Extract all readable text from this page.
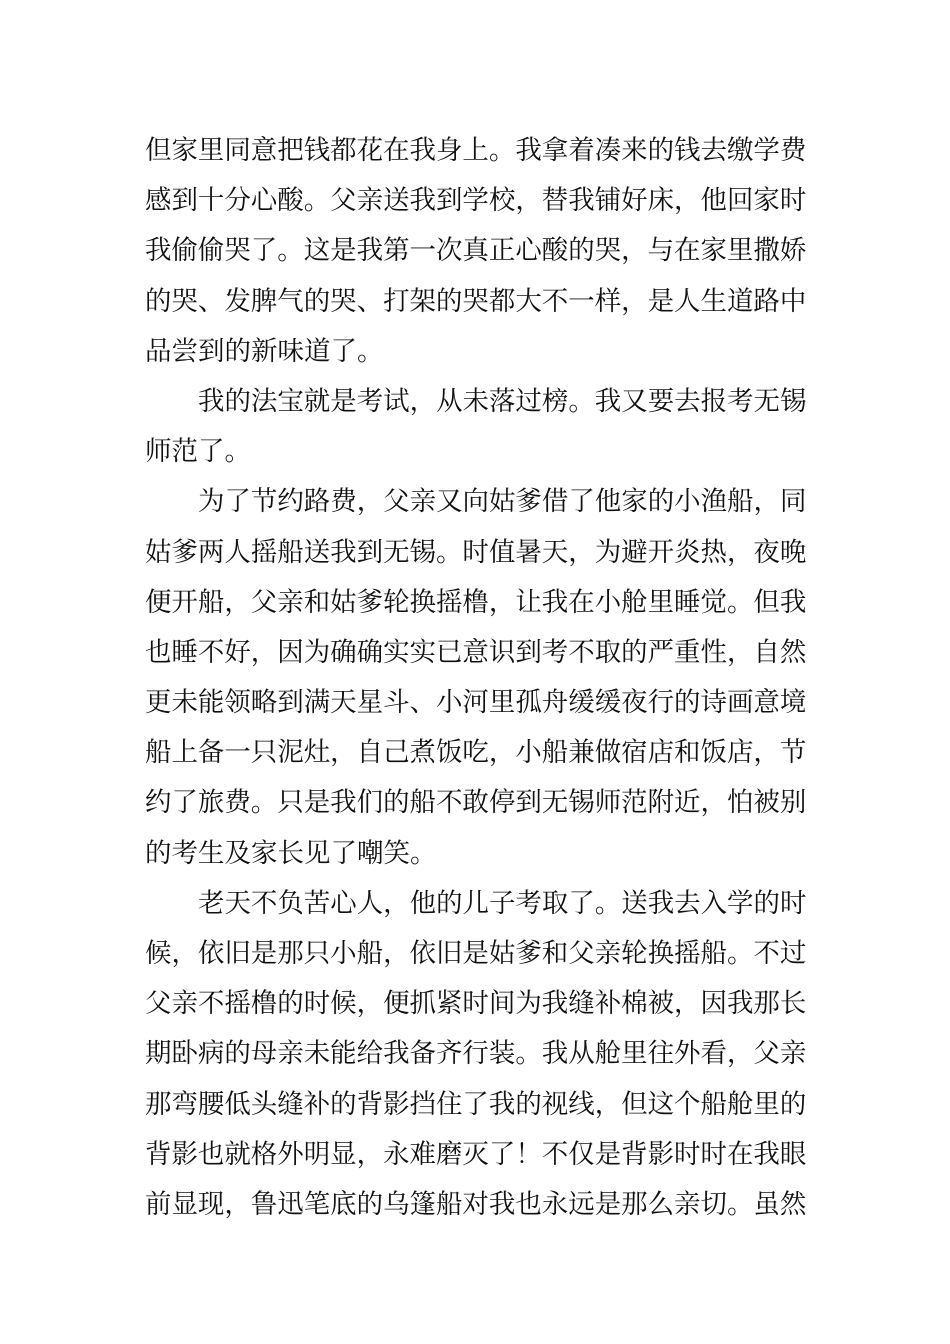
但家里同意把钱都花在我身上。我拿着凑来的钱去缴学费
感到十分心酸。父亲送我到学校，替我铺好床，他回家时
我偷偷哭了。这是我第一次真正心酸的哭，与在家里撒娇
的哭、发脾气的哭、打架的哭都大不一样，是人生道路中
品尝到的新味道了。
我的法宝就是考试，从未落过榜。我又要去报考无锡
师范了。
为了节约路费，父亲又向姑爹借了他家的小渔船，同
姑爹两人摇船送我到无锡。时值暑天，为避开炎热，夜晚
便开船，父亲和姑爹轮换摇橹，让我在小舱里睡觉。但我
也睡不好，因为确确实实已意识到考不取的严重性，自然
更未能领略到满天星斗、小河里孤舟缓缓夜行的诗画意境
船上备一只泥灶，自己煮饭吃，小船兼做宿店和饭店，节
约了旅费。只是我们的船不敢停到无锡师范附近，怕被别
的考生及家长见了嘲笑。
老天不负苦心人，他的儿子考取了。送我去入学的时
候，依旧是那只小船，依旧是姑爹和父亲轮换摇船。不过
父亲不摇橹的时候，便抓紧时间为我缝补棉被，因我那长
期卧病的母亲未能给我备齐行装。我从舱里往外看，父亲
那弯腰低头缝补的背影挡住了我的视线，但这个船舱里的
背影也就格外明显，永难磨灭了！不仅是背影时时在我眼
前显现，鲁迅笔底的乌篷船对我也永远是那么亲切。虽然
